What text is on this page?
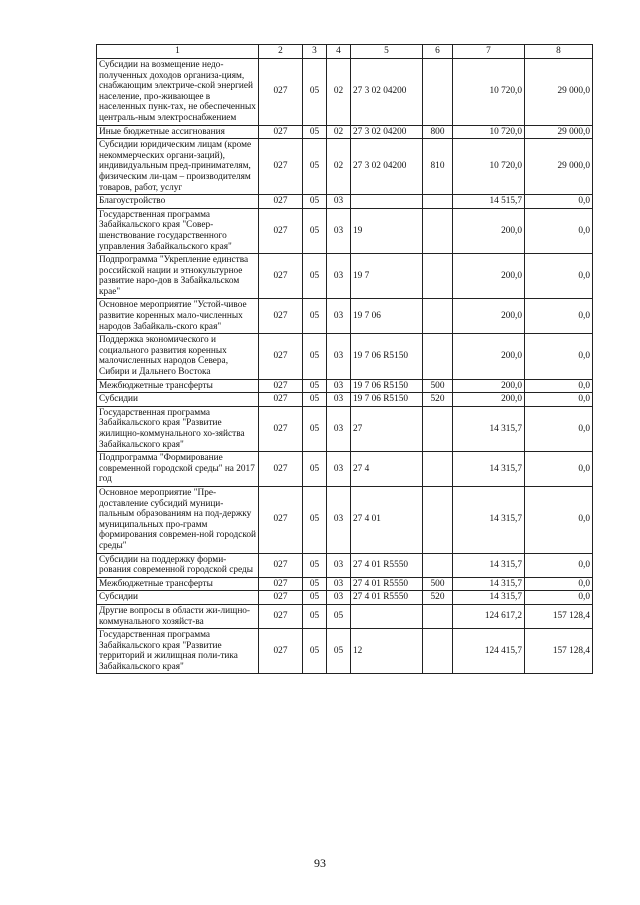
1	2	3	4	5	6	7	8
Субсидии на возмещение недо-полученных доходов организа-циям, снабжающим электриче-ской энергией население, про-живающее в населенных пунк-тах, не обеспеченных централь-ным электроснабжением	027	05	02	27 3 02 04200		10 720,0	29 000,0
Иные бюджетные ассигнования	027	05	02	27 3 02 04200	800	10 720,0	29 000,0
Субсидии юридическим лицам (кроме некоммерческих органи-заций), индивидуальным пред-принимателям, физическим ли-цам – производителям товаров, работ, услуг	027	05	02	27 3 02 04200	810	10 720,0	29 000,0
Благоустройство	027	05	03			14 515,7	0,0
Государственная программа Забайкальского края "Совер-шенствование государственного управления Забайкальского края"	027	05	03	19		200,0	0,0
Подпрограмма "Укрепление единства российской нации и этнокультурное развитие наро-дов в Забайкальском крае"	027	05	03	19 7		200,0	0,0
Основное мероприятие "Устой-чивое развитие коренных мало-численных народов Забайкаль-ского края"	027	05	03	19 7 06		200,0	0,0
Поддержка экономического и социального развития коренных малочисленных народов Севера, Сибири и Дальнего Востока	027	05	03	19 7 06 R5150		200,0	0,0
Межбюджетные трансферты	027	05	03	19 7 06 R5150	500	200,0	0,0
Субсидии	027	05	03	19 7 06 R5150	520	200,0	0,0
Государственная программа Забайкальского края "Развитие жилищно-коммунального хо-зяйства Забайкальского края"	027	05	03	27		14 315,7	0,0
Подпрограмма "Формирование современной городской среды" на 2017 год	027	05	03	27 4		14 315,7	0,0
Основное мероприятие "Пре-доставление субсидий муници-пальным образованиям на под-держку муниципальных про-грамм формирования современ-ной городской среды"	027	05	03	27 4 01		14 315,7	0,0
Субсидии на поддержку форми-рования современной городской среды	027	05	03	27 4 01 R5550		14 315,7	0,0
Межбюджетные трансферты	027	05	03	27 4 01 R5550	500	14 315,7	0,0
Субсидии	027	05	03	27 4 01 R5550	520	14 315,7	0,0
Другие вопросы в области жи-лищно-коммунального хозяйст-ва	027	05	05			124 617,2	157 128,4
Государственная программа Забайкальского края "Развитие территорий и жилищная поли-тика Забайкальского края"	027	05	05	12		124 415,7	157 128,4
93
